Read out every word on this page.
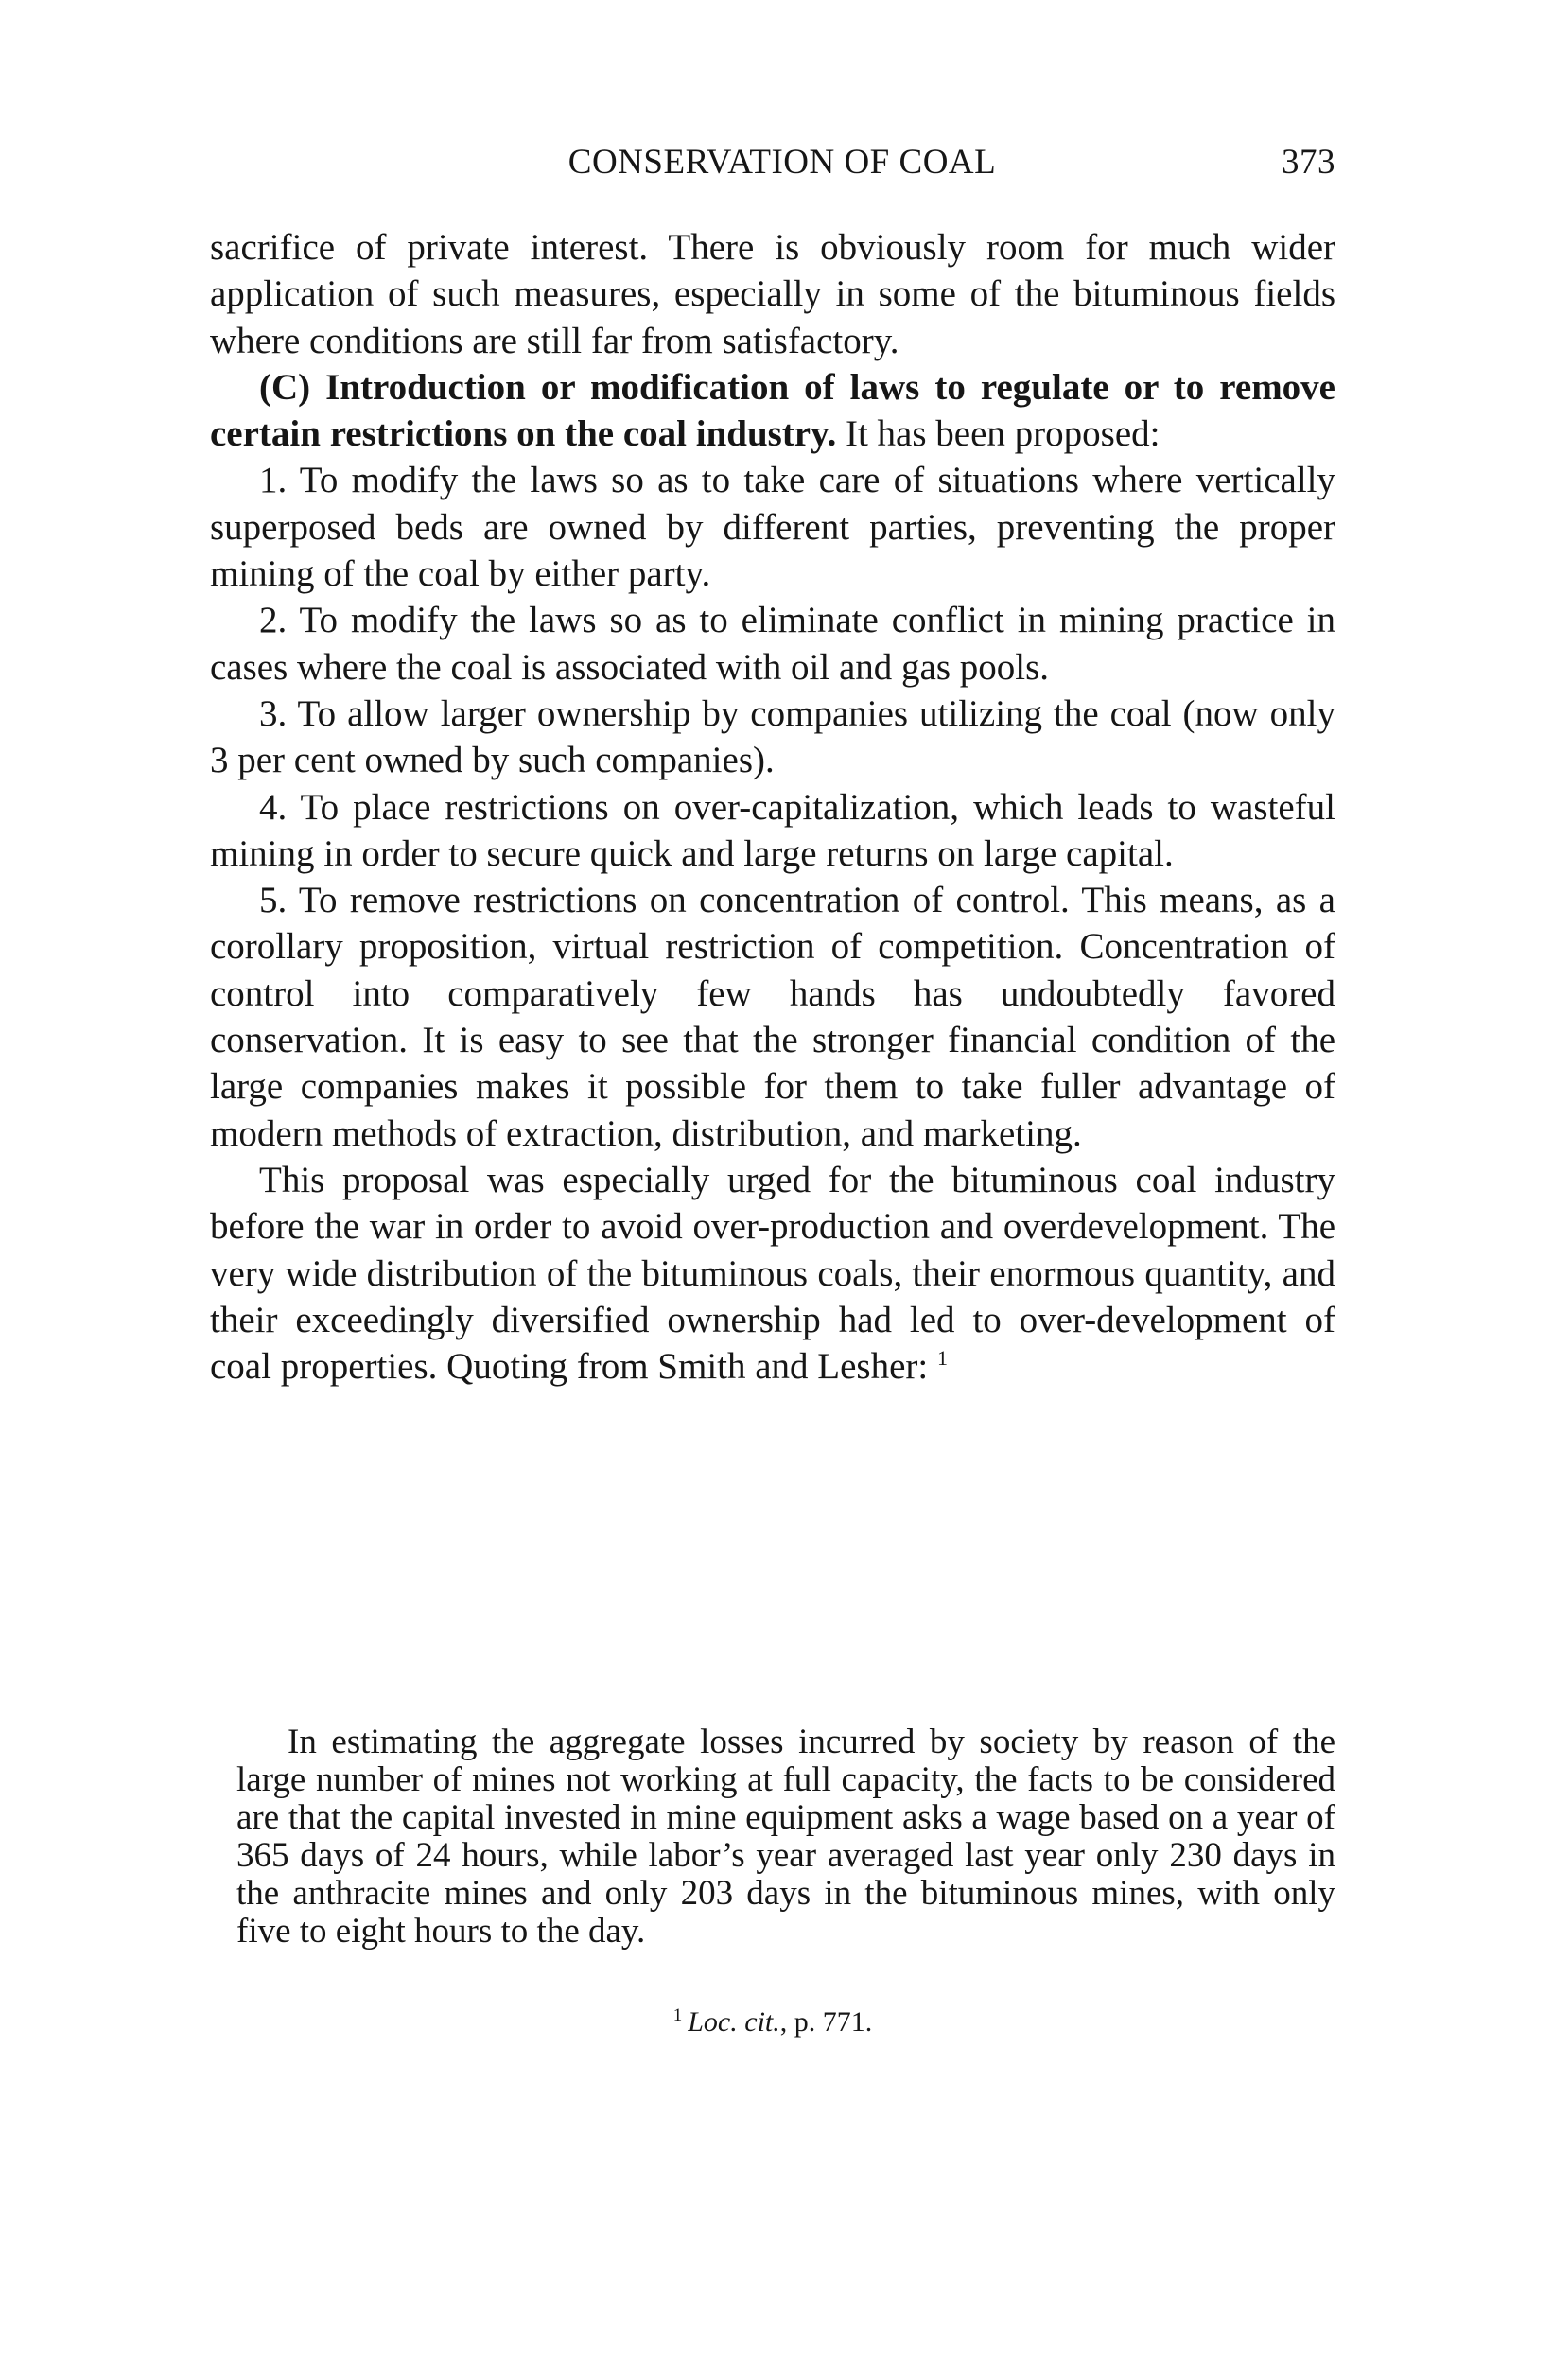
CONSERVATION OF COAL	373

sacrifice of private interest. There is obviously room for much wider application of such measures, especially in some of the bituminous fields where conditions are still far from satisfactory.

(C) Introduction or modification of laws to regulate or to remove certain restrictions on the coal industry. It has been proposed:

1. To modify the laws so as to take care of situations where vertically superposed beds are owned by different parties, preventing the proper mining of the coal by either party.

2. To modify the laws so as to eliminate conflict in mining practice in cases where the coal is associated with oil and gas pools.

3. To allow larger ownership by companies utilizing the coal (now only 3 per cent owned by such companies).

4. To place restrictions on over-capitalization, which leads to wasteful mining in order to secure quick and large returns on large capital.

5. To remove restrictions on concentration of control. This means, as a corollary proposition, virtual restriction of competition. Concentration of control into comparatively few hands has undoubtedly favored conservation. It is easy to see that the stronger financial condition of the large companies makes it possible for them to take fuller advantage of modern methods of extraction, distribution, and marketing.

This proposal was especially urged for the bituminous coal industry before the war in order to avoid over-production and overdevelopment. The very wide distribution of the bituminous coals, their enormous quantity, and their exceedingly diversified ownership had led to over-development of coal properties. Quoting from Smith and Lesher: $^1$

In estimating the aggregate losses incurred by society by reason of the large number of mines not working at full capacity, the facts to be considered are that the capital invested in mine equipment asks a wage based on a year of 365 days of 24 hours, while labor’s year averaged last year only 230 days in the anthracite mines and only 203 days in the bituminous mines, with only five to eight hours to the day.

$^1$ Loc. cit., p. 771.
